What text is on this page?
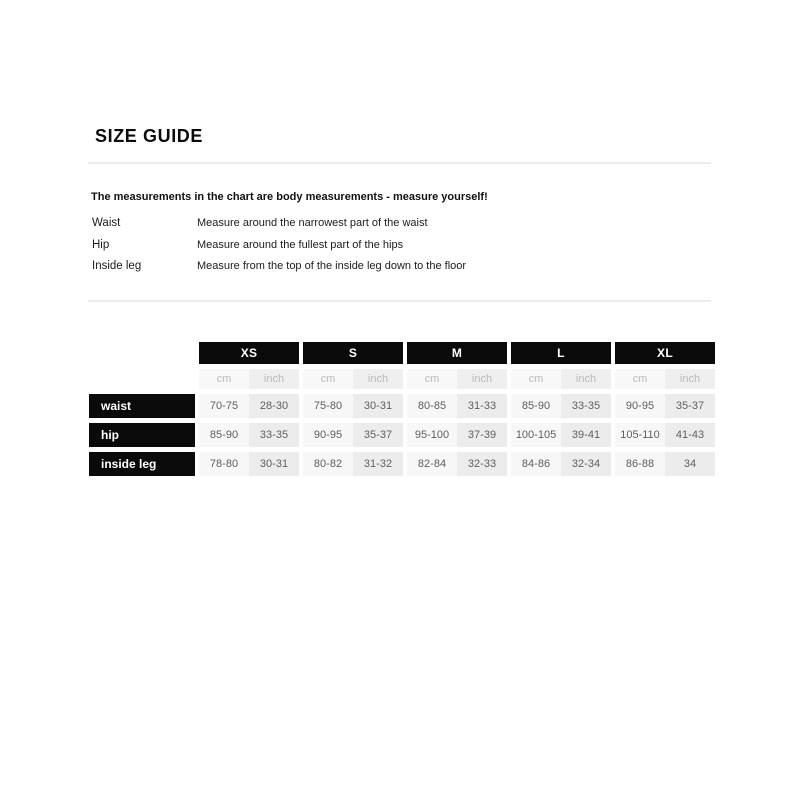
SIZE GUIDE
The measurements in the chart are body measurements - measure yourself!
Waist	Measure around the narrowest part of the waist
Hip	Measure around the fullest part of the hips
Inside leg	Measure from the top of the inside leg down to the floor
XS	S	M	L	XL
cm	inch	cm	inch	cm	inch	cm	inch	cm	inch
waist	70-75	28-30	75-80	30-31	80-85	31-33	85-90	33-35	90-95	35-37
hip	85-90	33-35	90-95	35-37	95-100	37-39	100-105	39-41	105-110	41-43
inside leg	78-80	30-31	80-82	31-32	82-84	32-33	84-86	32-34	86-88	34
